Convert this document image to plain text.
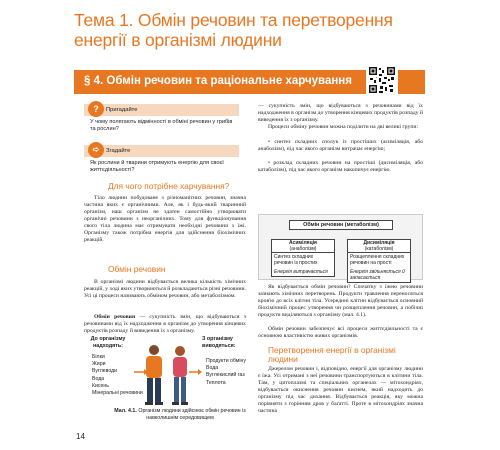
Тема 1. Обмін речовин та перетворення енергії в організмі людини
§ 4. Обмін речовин та раціональне харчування
?	Пригадайте
У чому полягають відмінності в обміні речовин у грибів та рослин?
➪	Згадайте
Як рослини й тварини отримують енергію для своєї життєдіяльності?
Для чого потрібне харчування?
Тіло людини побудоване з різноманітних речовин, значна частина яких є органічними. Але, як і будь-який тваринний організм, наш організм не здатен самостійно утворювати органічні речовини з неорганічних. Тому для функціонування свого тіла людина має отримувати необхідні речовини з їжі. Організму також потрібна енергія для здійснення біохімічних реакцій.
Обмін речовин
В організмі людини відбувається велика кількість хімічних реакцій, у ході яких утворюються й розкладаються різні речовини. Усі ці процеси називають обміном речовин, або метаболізмом.
Обмін речовин — сукупність змін, що відбуваються з речовинами від їх надходження в організм до утворення кінцевих продуктів розпаду й виведення їх з організму.
До організму надходять:
Білки
Жири
Вуглеводи
Вода
Кисень
Мінеральні речовини
З організму виводяться:
Продукти обміну
Вода
Вуглекислий газ
Теплота
Мал. 4.1. Організм людини здійснює обмін речовин із навколишнім середовищем
14
— сукупність змін, що відбуваються з речовинами від їх надходження в організм до утворення кінцевих продуктів розпаду й виведення їх з організму.
Процеси обміну речовин можна поділити на дві великі групи:
• синтез складних сполук із простіших (асиміляція, або анаболізм), під час якого організм витрачає енергію;
• розклад складних речовин на простіші (дисиміляція, або катаболізм), під час якого організм накопичує енергію.
Обмін речовин (метаболізм)
Асиміляція
(анаболізм)
Синтез складних речовин із простих
Енергія витрачається
Дисиміляція
(катаболізм)
Розщеплення складних речовин на прості
Енергія звільняється й запасається
Як відбувається обмін речовин? Спочатку з їжею речовини зазнають хімічних перетворень. Продукти травлення переносяться кров'ю до всіх клітин тіла. Усередині клітин відбувається основний біохімічний процес утворення чи розщеплення речовин, а побічні продукти виділяються з організму (мал. 4.1).
Обмін речовин забезпечує всі процеси життєдіяльності та є основною властивістю живих організмів.
Перетворення енергії в організмі людини
Джерелом речовин і, відповідно, енергії для організму людини є їжа. Усі отримані з неї речовини транспортуються в клітини тіла. Там, у цитоплазмі та спеціальних органелах — мітохондріях, відбувається окиснення речовин киснем, який надходить до організму під час дихання. Відбувається реакція, яку можна порівняти з горінням дров у багатті. Проте в мітохондріях значна частина
